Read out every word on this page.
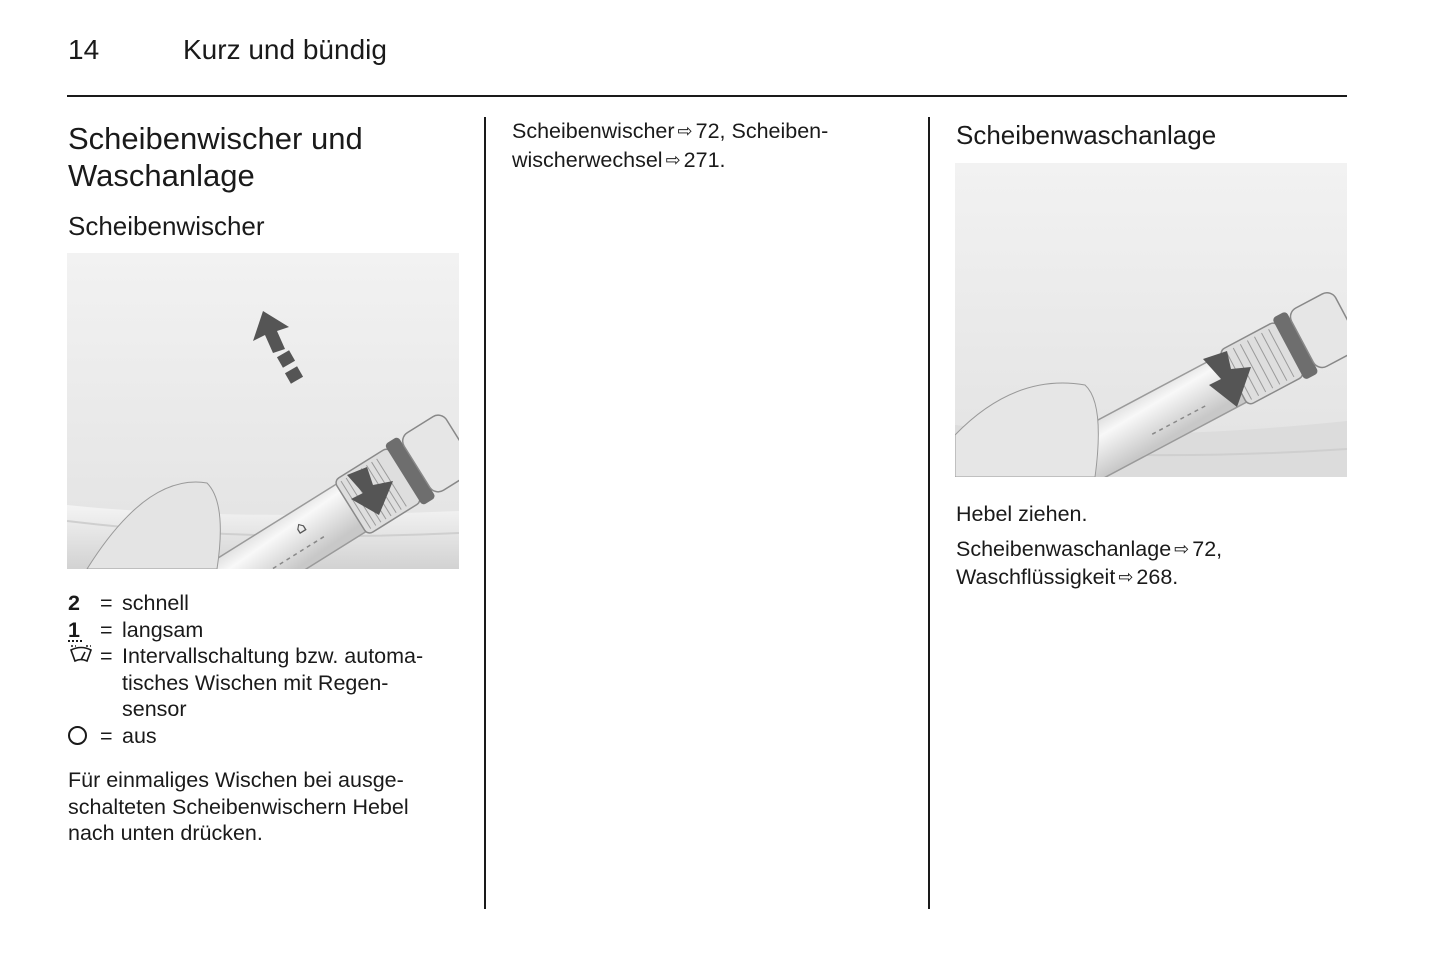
14	Kurz und bündig
Scheibenwischer und
Waschanlage
Scheibenwischer
⌂
2	=	schnell
1	=	langsam
	=	Intervallschaltung bzw. automa-
tisches Wischen mit Regen-
sensor
	=	aus

Für einmaliges Wischen bei ausge-
schalteten Scheibenwischern Hebel
nach unten drücken.

Scheibenwischer ⇨ 72, Scheiben-
wischerwechsel ⇨ 271.

Scheibenwaschanlage

Hebel ziehen.

Scheibenwaschanlage ⇨ 72,
Waschflüssigkeit ⇨ 268.
